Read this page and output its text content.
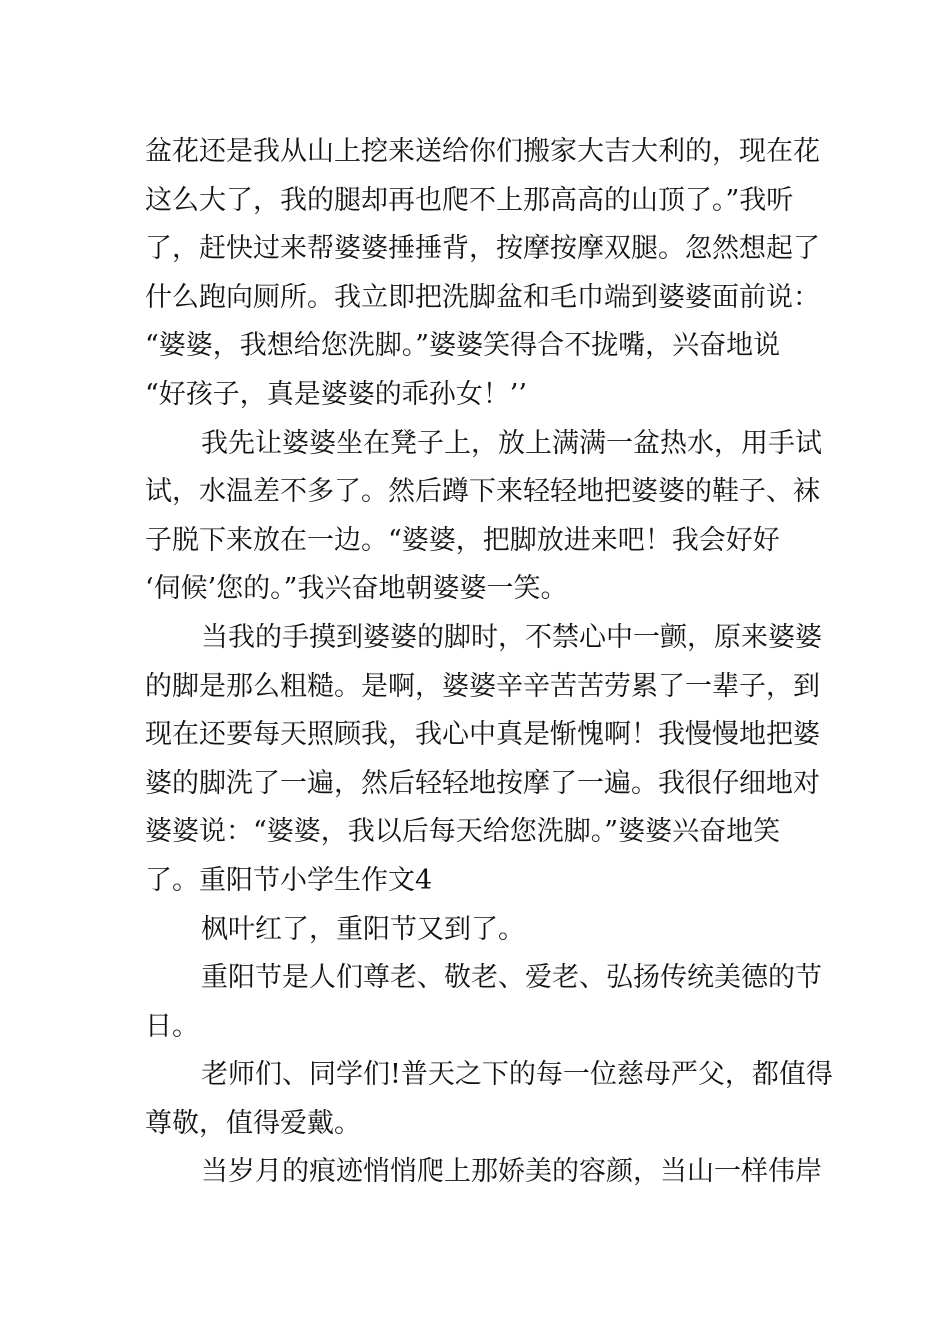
盆花还是我从山上挖来送给你们搬家大吉大利的，现在花
这么大了，我的腿却再也爬不上那高高的山顶了。”我听
了，赶快过来帮婆婆捶捶背，按摩按摩双腿。忽然想起了
什么跑向厕所。我立即把洗脚盆和毛巾端到婆婆面前说：
“婆婆，我想给您洗脚。”婆婆笑得合不拢嘴，兴奋地说
“好孩子，真是婆婆的乖孙女！’’
我先让婆婆坐在凳子上，放上满满一盆热水，用手试
试，水温差不多了。然后蹲下来轻轻地把婆婆的鞋子、袜
子脱下来放在一边。“婆婆，把脚放进来吧！我会好好
‘伺候’您的。”我兴奋地朝婆婆一笑。
当我的手摸到婆婆的脚时，不禁心中一颤，原来婆婆
的脚是那么粗糙。是啊，婆婆辛辛苦苦劳累了一辈子，到
现在还要每天照顾我，我心中真是惭愧啊！我慢慢地把婆
婆的脚洗了一遍，然后轻轻地按摩了一遍。我很仔细地对
婆婆说：“婆婆，我以后每天给您洗脚。”婆婆兴奋地笑
了。重阳节小学生作文4
枫叶红了，重阳节又到了。
重阳节是人们尊老、敬老、爱老、弘扬传统美德的节
日。
老师们、同学们!普天之下的每一位慈母严父，都值得
尊敬，值得爱戴。
当岁月的痕迹悄悄爬上那娇美的容颜，当山一样伟岸
